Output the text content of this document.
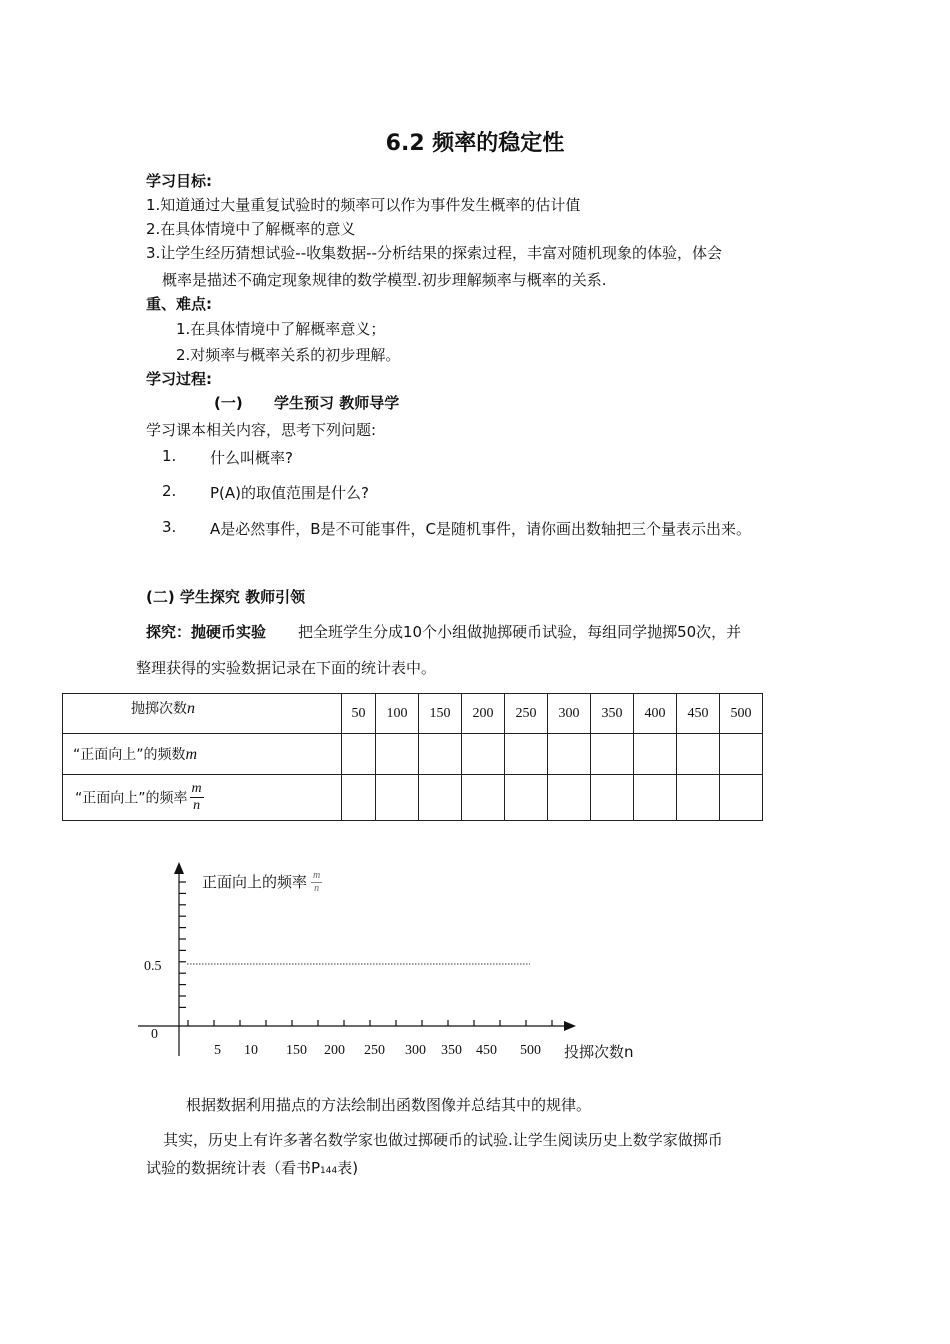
6.2 频率的稳定性
学习目标:
1.知道通过大量重复试验时的频率可以作为事件发生概率的估计值
2.在具体情境中了解概率的意义
3.让学生经历猜想试验--收集数据--分析结果的探索过程，丰富对随机现象的体验，体会
概率是描述不确定现象规律的数学模型.初步理解频率与概率的关系.
重、难点:
1.在具体情境中了解概率意义；
2.对频率与概率关系的初步理解。
学习过程:
(一)      学生预习 教师导学
学习课本相关内容，思考下列问题:
1. 什么叫概率?
2. P(A)的取值范围是什么?
3. A是必然事件，B是不可能事件，C是随机事件，请你画出数轴把三个量表示出来。
(二) 学生探究 教师引领
探究：抛硬币实验 把全班学生分成10个小组做抛掷硬币试验，每组同学抛掷50次，并
整理获得的实验数据记录在下面的统计表中。
抛掷次数n	50	100	150	200	250	300	350	400	450	500
“正面向上”的频数m										
“正面向上”的频率 $\frac{m}{n}$

正面向上的频率 $\frac{m}{n}$
0.5
0
5 10 150 200 250 300 350 450 500 投掷次数n
根据数据利用描点的方法绘制出函数图像并总结其中的规律。
其实，历史上有许多著名数学家也做过掷硬币的试验.让学生阅读历史上数学家做掷币
试验的数据统计表（看书P144表)
